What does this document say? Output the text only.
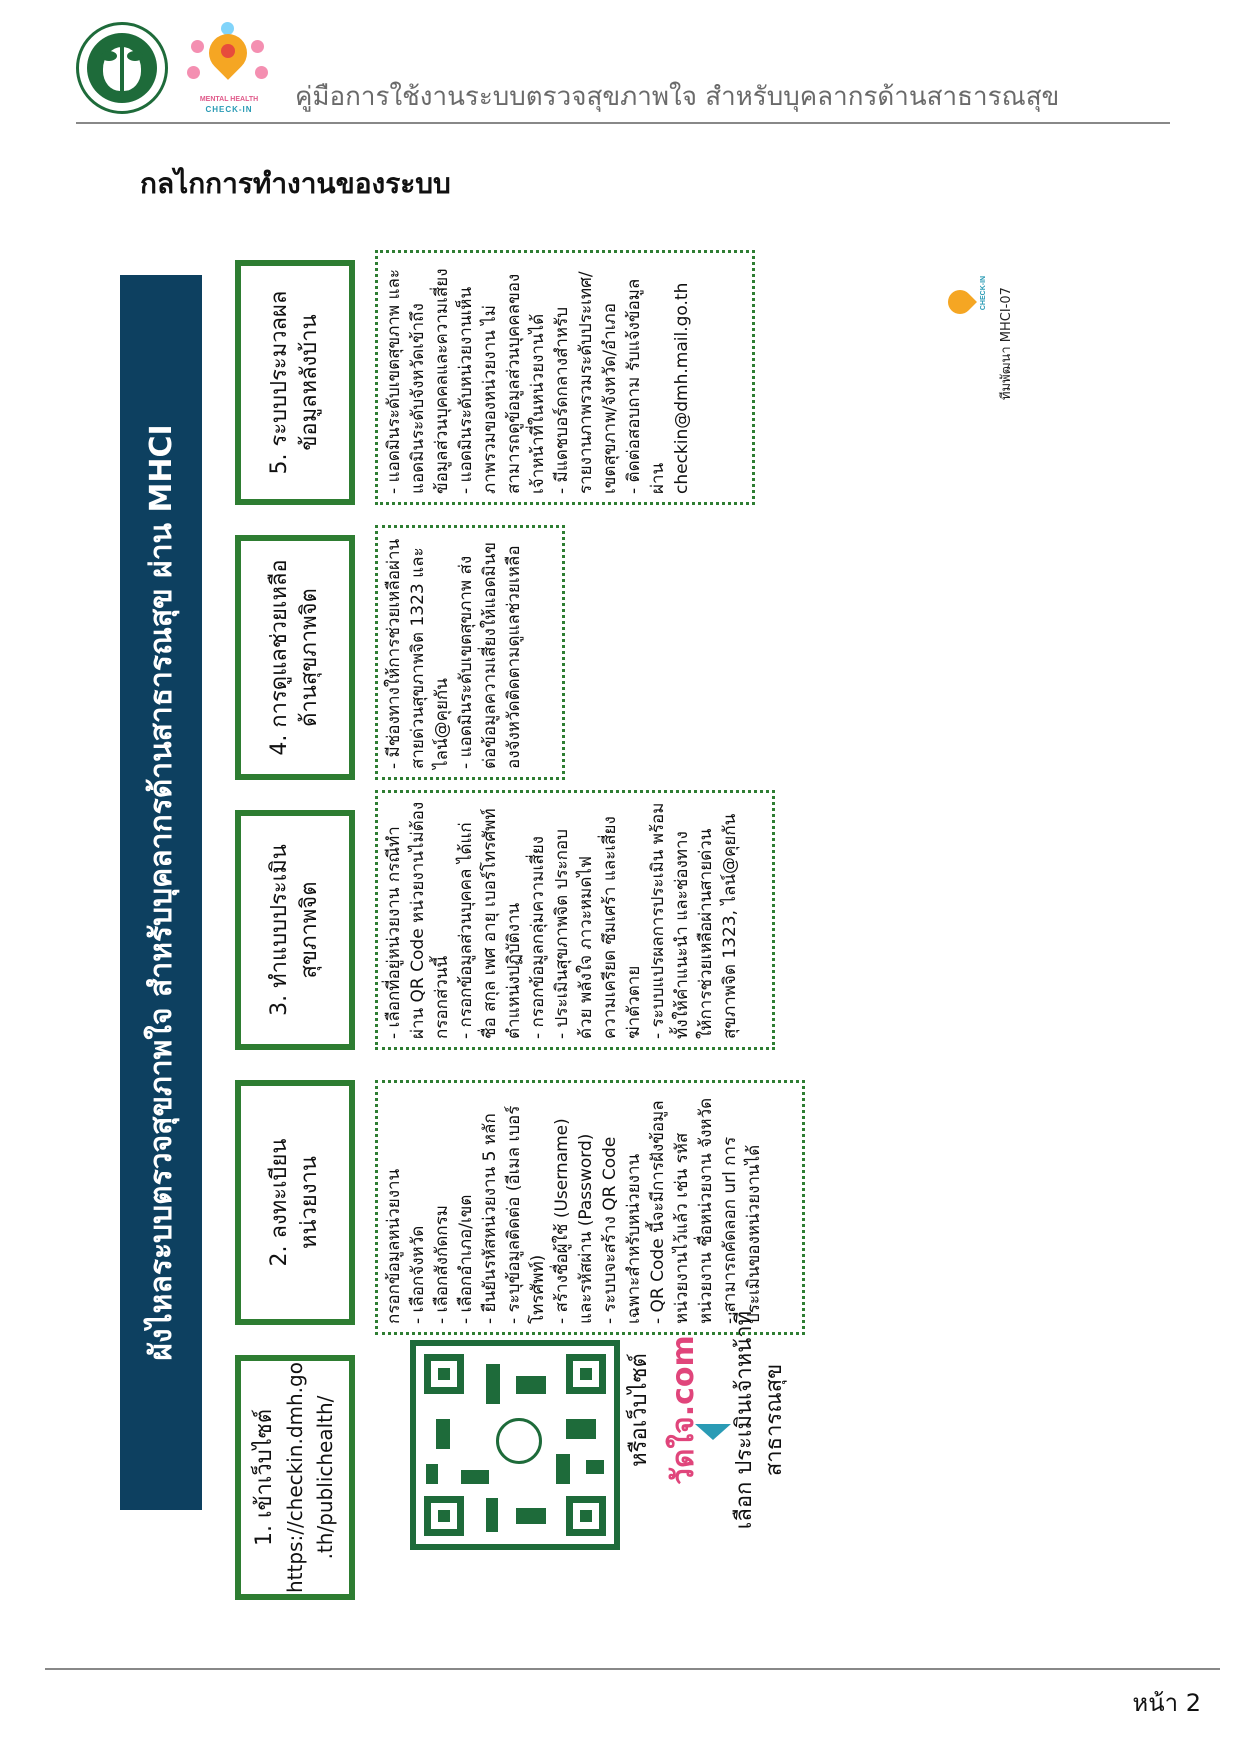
MENTAL HEALTH
CHECK-IN	คู่มือการใช้งานระบบตรวจสุขภาพใจ สำหรับบุคลากรด้านสาธารณสุข
กลไกการทำงานของระบบ
ผังไหลระบบตรวจสุขภาพใจ สำหรับบุคลากรด้านสาธารณสุข ผ่าน MHCI
1. เข้าเว็บไซต์ https://checkin.dmh.go .th/publichealth/	หรือเว็บไซต์ วัดใจ.com เลือก ประเมินเจ้าหน้าที่ สาธารณสุข
2. ลงทะเบียน หน่วยงาน	กรอกข้อมูลหน่วยงาน - เลือกจังหวัด - เลือกสังกัดกรม - เลือกอำเภอ/เขต - ยืนยันรหัสหน่วยงาน 5 หลัก - ระบุข้อมูลติดต่อ (อีเมล เบอร์โทรศัพท์) - สร้างชื่อผู้ใช้ (Username) และรหัสผ่าน (Password) - ระบบจะสร้าง QR Code เฉพาะสำหรับหน่วยงาน - QR Code นี้จะมีการฝังข้อมูลหน่วยงานไว้แล้ว เช่น รหัสหน่วยงาน ชื่อหน่วยงาน จังหวัด - สามารถคัดลอก url การประเมินของหน่วยงานได้
3. ทำแบบประเมิน สุขภาพจิต	- เลือกที่อยู่หน่วยงาน กรณีทำผ่าน QR Code หน่วยงานไม่ต้องกรอกส่วนนี้ - กรอกข้อมูลส่วนบุคคล ได้แก่ ชื่อ สกุล เพศ อายุ เบอร์โทรศัพท์ ตำแหน่งปฏิบัติงาน - กรอกข้อมูลกลุ่มความเสี่ยง - ประเมินสุขภาพจิต ประกอบด้วย พลังใจ ภาวะหมดไฟ ความเครียด ซึมเศร้า และเสี่ยงฆ่าตัวตาย - ระบบแปรผลการประเมิน พร้อมทั้งให้คำแนะนำ และช่องทางให้การช่วยเหลือผ่านสายด่วนสุขภาพจิต 1323, ไลน์@คุยกัน
4. การดูแลช่วยเหลือ ด้านสุขภาพจิต	- มีช่องทางให้การช่วยเหลือผ่านสายด่วนสุขภาพจิต 1323 และ ไลน์@คุยกัน - แอดมินระดับเขตสุขภาพ ส่งต่อข้อมูลความเสี่ยงให้แอดมินของจังหวัดติดตามดูแลช่วยเหลือ
5. ระบบประมวลผล ข้อมูลหลังบ้าน	- แอดมินระดับเขตสุขภาพ และแอดมินระดับจังหวัดเข้าถึงข้อมูลส่วนบุคคลและความเสี่ยง - แอดมินระดับหน่วยงานเห็นภาพรวมของหน่วยงาน ไม่สามารถดูข้อมูลส่วนบุคคลของเจ้าหน้าที่ในหน่วยงานได้ - มีแดชบอร์ดกลางสำหรับรายงานภาพรวมระดับประเทศ/เขตสุขภาพ/จังหวัด/อำเภอ - ติดต่อสอบถาม รับแจ้งข้อมูลผ่าน checkin@dmh.mail.go.th	CHECK-IN ทีมพัฒนา MHCI-07
หน้า 2
